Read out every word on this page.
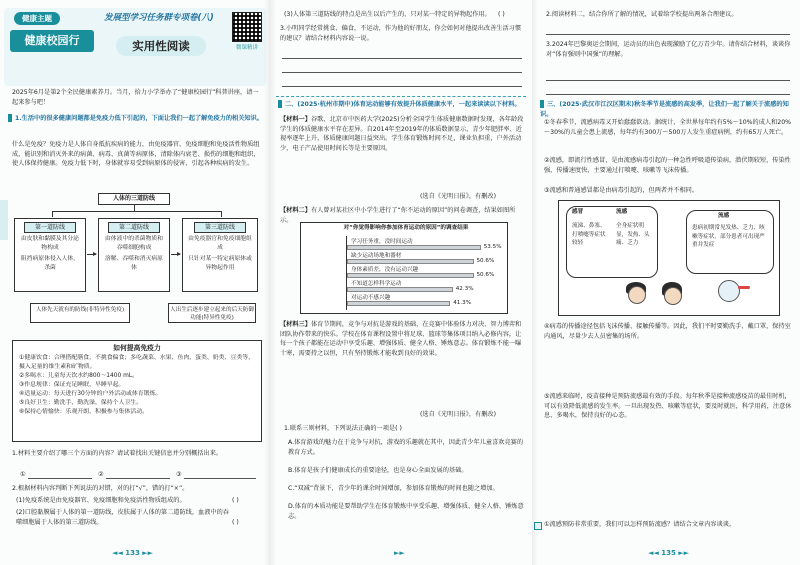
健康主题
健康校园行
发展型学习任务群专项卷(八)
实用性阅读	微课精讲
2025年6月是第2个全民健康素养月。当月，拾力小学举办了“健康校园行”科普讲座，请一起来参与吧！
1.生活中的很多健康问题都是免疫力低下引起的，下面让我们一起了解免疫力的相关知识。
什么是免疫？免疫力是人体自身抵抗疾病的能力，由免疫器官、免疫细胞和免疫活性物质组成，能识别和消灭外来的病菌、病毒、真菌等病原体，清除体内衰老、损伤的细胞和组织，使人体保持健康。免疫力低下时，身体就容易受到病原体的侵害，引起各种疾病的发生。
人体的三道防线
第一道防线
由皮肤和黏膜及其分泌物构成
阻挡病原体侵入人体，杀菌
第二道防线
由体液中的杀菌物质和吞噬细胞构成
溶解、吞噬和消灭病原体
第三道防线
由免疫器官和免疫细胞组成
只针对某一特定病原体或异物起作用
人体先天就有的防线(非特异性免疫)	人出生后逐步建立起来的后天防御功能(特异性免疫)
如何提高免疫力
①健康饮食：合理搭配膳食，不挑食偏食；多吃蔬菜、水果、鱼肉、蛋类、奶类、豆类等，摄入足量的维生素和矿物质。
②多喝水：儿童每天饮水约800～1400 mL。
③作息规律：保证充足睡眠，早睡早起。
④适量运动：每天进行30分钟的户外活动或体育锻炼。
⑤良好卫生：勤洗手、勤洗澡，保持个人卫生。
⑥保持心情愉快：乐观开朗，积极参与集体活动。
1.材料主要介绍了哪三个方面的内容？请试着找出关键信息并分别概括出来。
①	②	③
2.根据材料内容判断下列说法的对错，对的打“√”，错的打“×”。
(1)免疫系统是由免疫器官、免疫细胞和免疫活性物质组成的。	( )
(2)口腔黏膜属于人体的第一道防线，皮肤属于人体的第二道防线，血液中的吞噬细胞属于人体的第三道防线。	( )
◄◄ 133 ►►
(3)人体第三道防线的特点是出生以后产生的，只对某一特定的异物起作用。	( )
3.小明同学经常挑食、偏食，不运动，作为他的好朋友，你会如何对他提出改善生活习惯的建议？请结合材料内容说一说。
二、(2025·杭州市期中)体育运动能够有效提升体质健康水平，一起来读读以下材料。
【材料一】谷歌、北京市中医药大学(2025)分析全国学生体质健康数据时发现，各年龄段学生的体质健康水平存在差异。自2014年至2019年的体质数据显示，青少年肥胖率、近视率逐年上升，体质健康问题日益突出。学生体育锻炼时间不足，课业负担重，户外活动少，电子产品使用时间长等是主要原因。
(选自《光明日报》，有删改)
【材料二】有人曾对某社区中小学生进行了“你不运动的原因”的问卷调查，结果如图所示。
对“你觉得影响你参加体育运动的原因”的调查结果
【材料三】体育节期间，竞争与对抗是游戏的基础，在竞赛中体验体力对决、智力博弈和团队协作带来的快乐。学校在体育课程设置中将足球、篮球等集体项目纳入必修内容，让每一个孩子都能在运动中享受乐趣、增强体质、健全人格、锤炼意志。体育锻炼不能一曝十寒，需要持之以恒，只有坚持锻炼才能收到良好的效果。
(选自《光明日报》，有删改)
1.联系三则材料，下列说法正确的一项是( )
A.体育游戏的魅力在于竞争与对抗，游戏的乐趣就在其中，因此青少年儿童喜欢竞赛的教育方式。
B.体育是孩子们健康成长的重要途径，也是身心全面发展的基础。
C.“双减”背景下，青少年的课余时间增加，参加体育锻炼的时间也随之增加。
D.体育的本质功能是要帮助学生在体育锻炼中享受乐趣、增强体质、健全人格、锤炼意志。
►►
学习任务重，没时间运动
53.5%
缺少运动场地和器材
50.6%
身体素质差，没有运动兴趣
50.6%
不知道怎样科学运动
42.3%
对运动不感兴趣
41.3%
2.阅读材料二，结合你所了解的情况，试着给学校提出两条合理建议。
3.2024年巴黎奥运会期间，运动员的出色表现激励了亿万青少年。请你结合材料，谈谈你对“体育强则中国强”的理解。
三、(2025·武汉市江汉区期末)秋冬季节是流感的高发季，让我们一起了解关于流感的知识。
①冬春季节，流感病毒又开始蠢蠢欲动。据统计，全世界每年约有5%～10%的成人和20%～30%的儿童会患上流感，每年约有300万～500万人发生重症病例，约有65万人死亡。
②流感，即流行性感冒，是由流感病毒引起的一种急性呼吸道传染病，潜伏期较短，传染性强，传播速度快，主要通过打喷嚏、咳嗽等飞沫传播。
③流感和普通感冒都是由病毒引起的，但两者并不相同。
感冒
流涕、鼻塞、打喷嚏等症状较轻
流感
全身症状明显，发热、头痛、乏力
流感
患病初期常见发热、乏力、咳嗽等症状，部分患者可出现严重并发症
④病毒的传播途径包括飞沫传播、接触传播等。因此，我们平时要勤洗手、戴口罩，保持室内通风，尽量少去人员密集的场所。
⑤流感来临时，疫苗接种是预防流感最有效的手段。每年秋季是接种流感疫苗的最佳时机，可以有效降低流感的发生率。一旦出现发热、咳嗽等症状，要及时就医，科学用药，注意休息，多喝水，保持良好的心态。
①流感预防非常重要，我们可以怎样预防流感？请结合文章内容谈谈。
◄◄ 135 ►►
